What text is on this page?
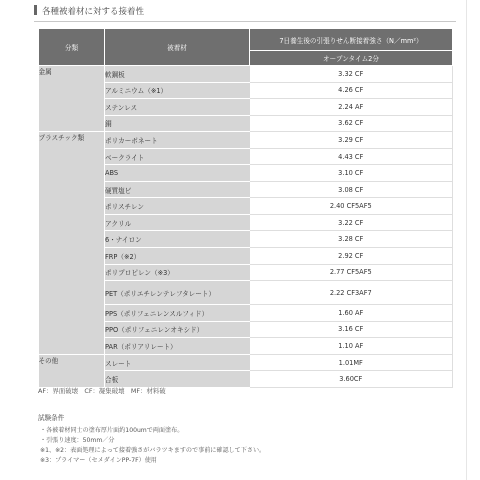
各種被着材に対する接着性
分類	被着材	7日養生後の引張りせん断接着強さ（N／mm²）
		オープンタイム2分
金属	軟鋼板	3.32 CF
	アルミニウム（※1）	4.26 CF
	ステンレス	2.24 AF
	銅	3.62 CF
プラスチック類	ポリカーボネート	3.29 CF
	ベークライト	4.43 CF
	ABS	3.10 CF
	硬質塩ビ	3.08 CF
	ポリスチレン	2.40 CF5AF5
	アクリル	3.22 CF
	6・ナイロン	3.28 CF
	FRP（※2）	2.92 CF
	ポリプロピレン（※3）	2.77 CF5AF5
	PET（ポリエチレンテレフタレート）	2.22 CF3AF7
	PPS（ポリフェニレンスルフィド）	1.60 AF
	PPO（ポリフェニレンオキシド）	3.16 CF
	PAR（ポリアリレート）	1.10 AF
その他	スレート	1.01MF
	合板	3.60CF
AF：界面破壊　CF：凝集破壊　MF：材料破
試験条件
・各被着材同士の塗布厚片面約100umで両面塗布。
・引張り速度：50mm／分
※1、※2：表面処理によって接着強さがバラツキますので事前に確認して下さい。
※3：プライマー（セメダインPP-7F）使用
